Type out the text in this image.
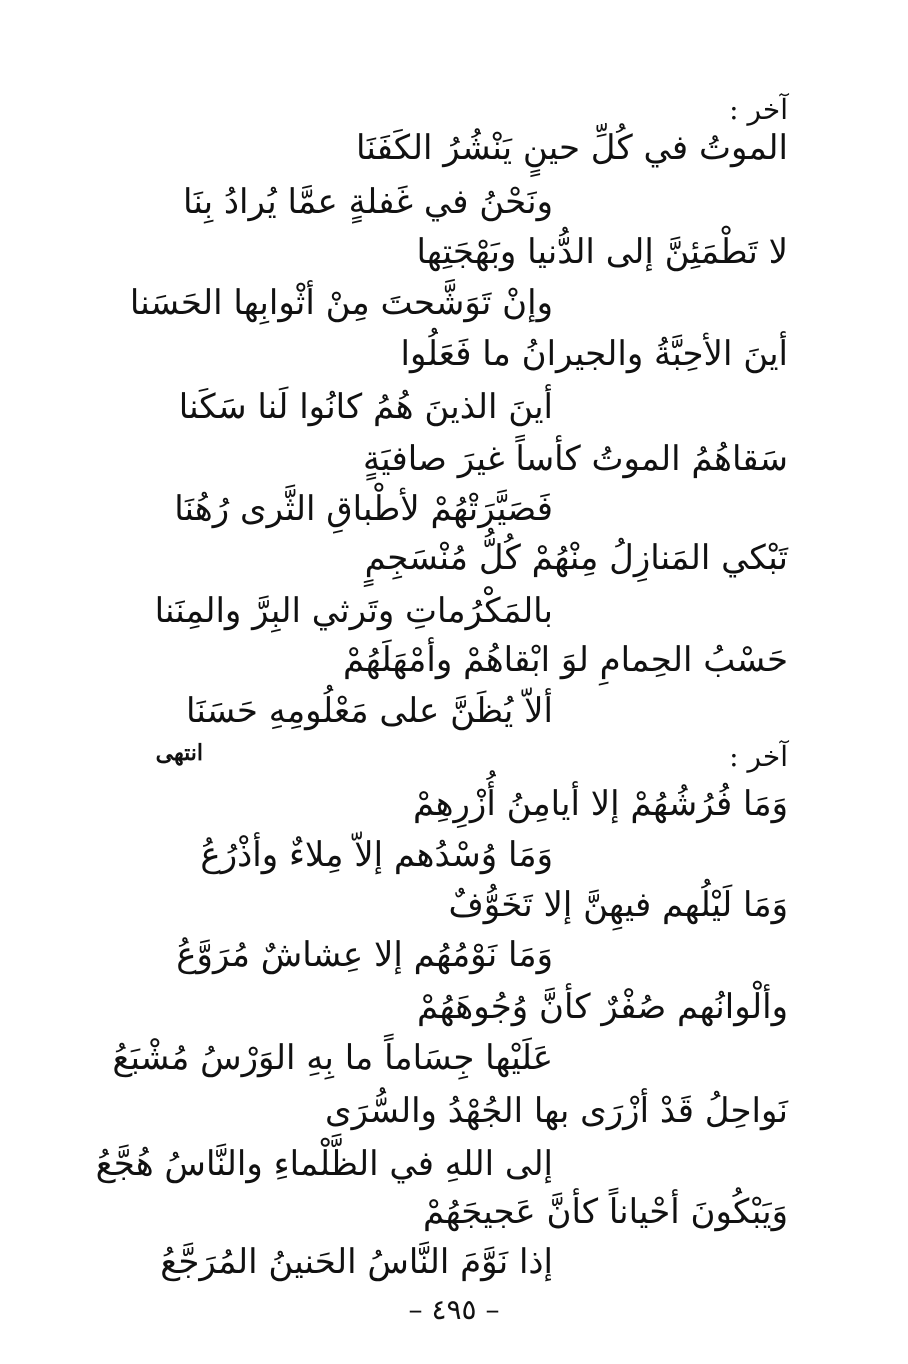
آخر :
الموتُ في كُلِّ حينٍ يَنْشُرُ الكَفَنَا
ونَحْنُ في غَفلةٍ عمَّا يُرادُ بِنَا
لا تَطْمَئِنَّ إلى الدُّنيا وبَهْجَتِها
وإنْ تَوَشَّحتَ مِنْ أثْوابِها الحَسَنا
أينَ الأحِبَّةُ والجيرانُ ما فَعَلُوا
أينَ الذينَ هُمُ كانُوا لَنا سَكَنا
سَقاهُمُ الموتُ كأساً غيرَ صافيَةٍ
فَصَيَّرَتْهُمْ لأطْباقِ الثَّرى رُهُنَا
تَبْكي المَنازِلُ مِنْهُمْ كُلُّ مُنْسَجِمٍ
بالمَكْرُماتِ وتَرثي البِرَّ والمِنَنا
حَسْبُ الحِمامِ لوَ ابْقاهُمْ وأمْهَلَهُمْ
ألاّ يُظَنَّ على مَعْلُومِهِ حَسَنَا
انتهى	آخر :
وَمَا فُرُشُهُمْ إلا أيامِنُ أُزْرِهِمْ
وَمَا وُسْدُهم إلاّ مِلاءٌ وأذْرُعُ
وَمَا لَيْلُهم فيهِنَّ إلا تَخَوُّفٌ
وَمَا نَوْمُهُم إلا عِشاشٌ مُرَوَّعُ
وألْوانُهم صُفْرٌ كأنَّ وُجُوهَهُمْ
عَلَيْها جِسَاماً ما بِهِ الوَرْسُ مُشْبَعُ
نَواحِلُ قَدْ أزْرَى بها الجُهْدُ والسُّرَى
إلى اللهِ في الظَّلْماءِ والنَّاسُ هُجَّعُ
وَيَبْكُونَ أحْياناً كأنَّ عَجيجَهُمْ
إذا نَوَّمَ النَّاسُ الحَنينُ المُرَجَّعُ
– ٤٩٥ –
